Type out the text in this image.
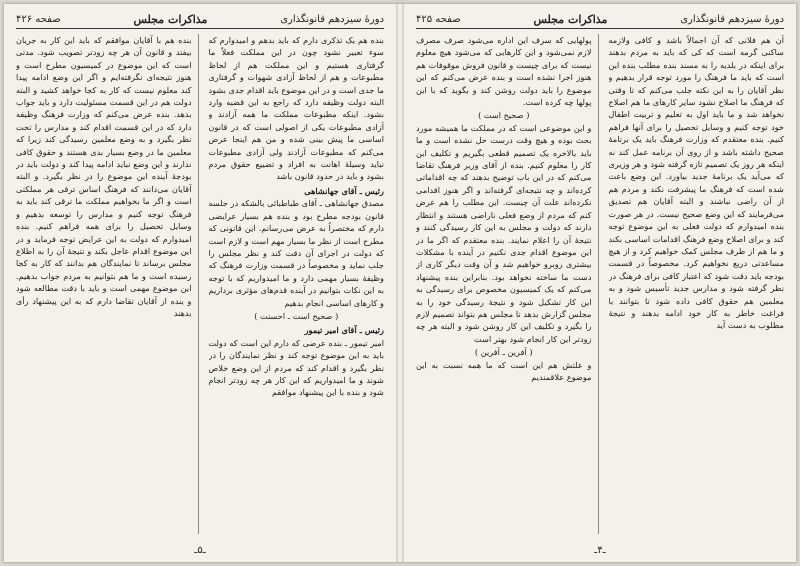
دورهٔ سیزدهم قانونگذاری
مذاکرات مجلس
صفحه ۴۲۶

بنده هم یک تذکری دارم که باید بدهم و امیدوارم که سوء تعبیر نشود چون در این مملکت فعلاً ما گرفتاری هستیم و این مملکت هم از لحاظ مطبوعات و هم از لحاظ آزادی شهوات و گرفتاری ما جدی است و در این موضوع باید اقدام جدی بشود البته دولت وظیفه دارد که راجع به این قضیه وارد بشود. اینکه مطبوعات مملکت ما همه آزادند و آزادی مطبوعات یکی از اصولی است که در قانون اساسی ما پیش بینی شده و من هم اینجا عرض می‌کنم که مطبوعات آزادند ولی آزادی مطبوعات نباید وسیلهٔ اهانت به افراد و تضییع حقوق مردم بشود و باید در حدود قانون باشد

رئیس ـ آقای جهانشاهی

مصدق جهانشاهی ـ آقای طباطبائی بالشکه در جلسه قانون بودجه مطرح بود و بنده هم بسیار عرایضی دارم که مختصراً به عرض می‌رسانم. این قانونی که مطرح است از نظر ما بسیار مهم است و لازم است که دولت در اجرای آن دقت کند و نظر مجلس را جلب نماید و مخصوصاً در قسمت وزارت فرهنگ که وظیفهٔ بسیار مهمی دارد و ما امیدواریم که با توجه به این نکات بتوانیم در آینده قدم‌های مؤثری برداریم و کارهای اساسی انجام بدهیم

( صحیح است ـ احسنت )
رئیس ـ آقای امیر تیمور

امیر تیمور ـ بنده عرضی که دارم این است که دولت باید به این موضوع توجه کند و نظر نمایندگان را در نظر بگیرد و اقدام کند که مردم از این وضع خلاص شوند و ما امیدواریم که این کار هر چه زودتر انجام شود و بنده با این پیشنهاد موافقم

بنده هم با آقایان موافقم که باید این کار به جریان بیفتد و قانون آن هر چه زودتر تصویب شود. مدتی است که این موضوع در کمیسیون مطرح است و هنوز نتیجه‌ای نگرفته‌ایم و اگر این وضع ادامه پیدا کند معلوم نیست که کار به کجا خواهد کشید و البته دولت هم در این قسمت مسئولیت دارد و باید جواب بدهد. بنده عرض می‌کنم که وزارت فرهنگ وظیفه دارد که در این قسمت اقدام کند و مدارس را تحت نظر بگیرد و به وضع معلمین رسیدگی کند زیرا که معلمین ما در وضع بسیار بدی هستند و حقوق کافی ندارند و این وضع نباید ادامه پیدا کند و دولت باید در بودجهٔ آینده این موضوع را در نظر بگیرد. و البته آقایان می‌دانند که فرهنگ اساس ترقی هر مملکتی است و اگر ما بخواهیم مملکت ما ترقی کند باید به فرهنگ توجه کنیم و مدارس را توسعه بدهیم و وسایل تحصیل را برای همه فراهم کنیم. بنده امیدوارم که دولت به این عرایض توجه فرماید و در این موضوع اقدام عاجل بکند و نتیجهٔ آن را به اطلاع مجلس برساند تا نمایندگان هم بدانند که کار به کجا رسیده است و ما هم بتوانیم به مردم جواب بدهیم. این موضوع مهمی است و باید با دقت مطالعه شود و بنده از آقایان تقاضا دارم که به این پیشنهاد رأی بدهند

ـ۵ـ
دورهٔ سیزدهم قانونگذاری
مذاکرات مجلس
صفحه ۴۲۵

آن هم فلانی که آن اجمالاً باشد و کافی ولازمه ساکنی گرمه است که کی که باید به مردم بدهند برای اینکه در بلدیه را به مسند بنده مطلب بنده این است که باید ما فرهنگ را مورد توجه قرار بدهیم و نظر آقایان را به این نکته جلب می‌کنم که تا وقتی که فرهنگ ما اصلاح نشود سایر کارهای ما هم اصلاح نخواهد شد و ما باید اول به تعلیم و تربیت اطفال خود توجه کنیم و وسایل تحصیل را برای آنها فراهم کنیم. بنده معتقدم که وزارت فرهنگ باید یک برنامهٔ صحیح داشته باشد و از روی آن برنامه عمل کند نه اینکه هر روز یک تصمیم تازه گرفته شود و هر وزیری که می‌آید یک برنامهٔ جدید بیاورد. این وضع باعث شده است که فرهنگ ما پیشرفت نکند و مردم هم از آن راضی نباشند و البته آقایان هم تصدیق می‌فرمایند که این وضع صحیح نیست. در هر صورت بنده امیدوارم که دولت فعلی به این موضوع توجه کند و برای اصلاح وضع فرهنگ اقدامات اساسی بکند و ما هم از طرف مجلس کمک خواهیم کرد و از هیچ مساعدتی دریغ نخواهیم کرد. مخصوصاً در قسمت بودجه باید دقت شود که اعتبار کافی برای فرهنگ در نظر گرفته شود و مدارس جدید تأسیس شود و به معلمین هم حقوق کافی داده شود تا بتوانند با فراغت خاطر به کار خود ادامه بدهند و نتیجهٔ مطلوب به دست آید

پولهایی که سرف این اداره می‌شود صرف مصرف لازم نمی‌شود و این کارهایی که می‌شود هیچ معلوم نیست که برای چیست و قانون فروش موقوفات هم هنوز اجرا نشده است و بنده عرض می‌کنم که این موضوع را باید دولت روشن کند و بگوید که با این پولها چه کرده است.

( صحیح است )

و این موضوعی است که در مملکت ما همیشه مورد بحث بوده و هیچ وقت درست حل نشده است و ما باید بالاخره یک تصمیم قطعی بگیریم و تکلیف این کار را معلوم کنیم. بنده از آقای وزیر فرهنگ تقاضا می‌کنم که در این باب توضیح بدهند که چه اقداماتی کرده‌اند و چه نتیجه‌ای گرفته‌اند و اگر هنوز اقدامی نکرده‌اند علت آن چیست. این مطلب را هم عرض کنم که مردم از وضع فعلی ناراضی هستند و انتظار دارند که دولت و مجلس به این کار رسیدگی کنند و نتیجهٔ آن را اعلام نمایند. بنده معتقدم که اگر ما در این موضوع اقدام جدی نکنیم در آینده با مشکلات بیشتری روبرو خواهیم شد و آن وقت دیگر کاری از دست ما ساخته نخواهد بود. بنابراین بنده پیشنهاد می‌کنم که یک کمیسیون مخصوص برای رسیدگی به این کار تشکیل شود و نتیجهٔ رسیدگی خود را به مجلس گزارش بدهد تا مجلس هم بتواند تصمیم لازم را بگیرد و تکلیف این کار روشن شود و البته هر چه زودتر این کار انجام شود بهتر است

( آفرین ـ آفرین )

و علتش هم این است که ما همه نسبت به این موضوع علاقمندیم

ـ۴ـ
